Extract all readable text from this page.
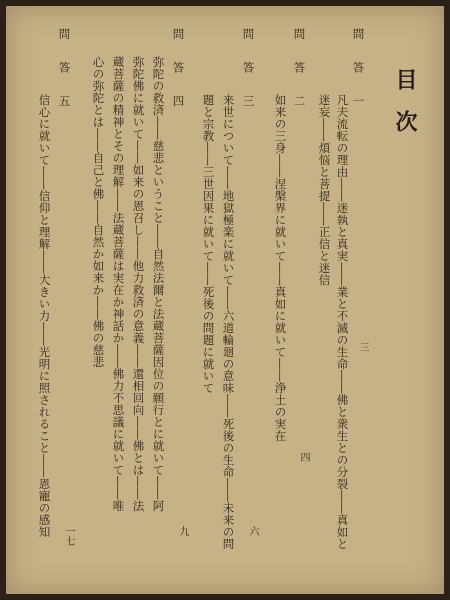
目次
問答一
三
凡夫流転の理由――迷執と真実――業と不滅の生命――佛と衆生との分裂――真如と
迷妄――煩悩と菩提――正信と迷信
問答二
四
如来の三身――涅槃界に就いて――真如に就いて――浄土の実在
問答三
六
来世について――地獄極楽に就いて――六道輪廻の意味――死後の生命――未来の問
題と宗教――三世因果に就いて――死後の問題に就いて
問答四
九
弥陀の救済――慈悲ということ――自然法爾と法蔵菩薩因位の願行とに就いて――阿
弥陀佛に就いて――如来の恩召し――他力救済の意義――還相回向――佛とは――法
蔵菩薩の精神とその理解――法蔵菩薩は実在か神話か――佛力不思議に就いて――唯
心の弥陀とは――自己と佛――自然か如来か――佛の慈悲
問答五
一七
信心に就いて――信仰と理解――大きい力――光明に照されること――恩寵の感知
